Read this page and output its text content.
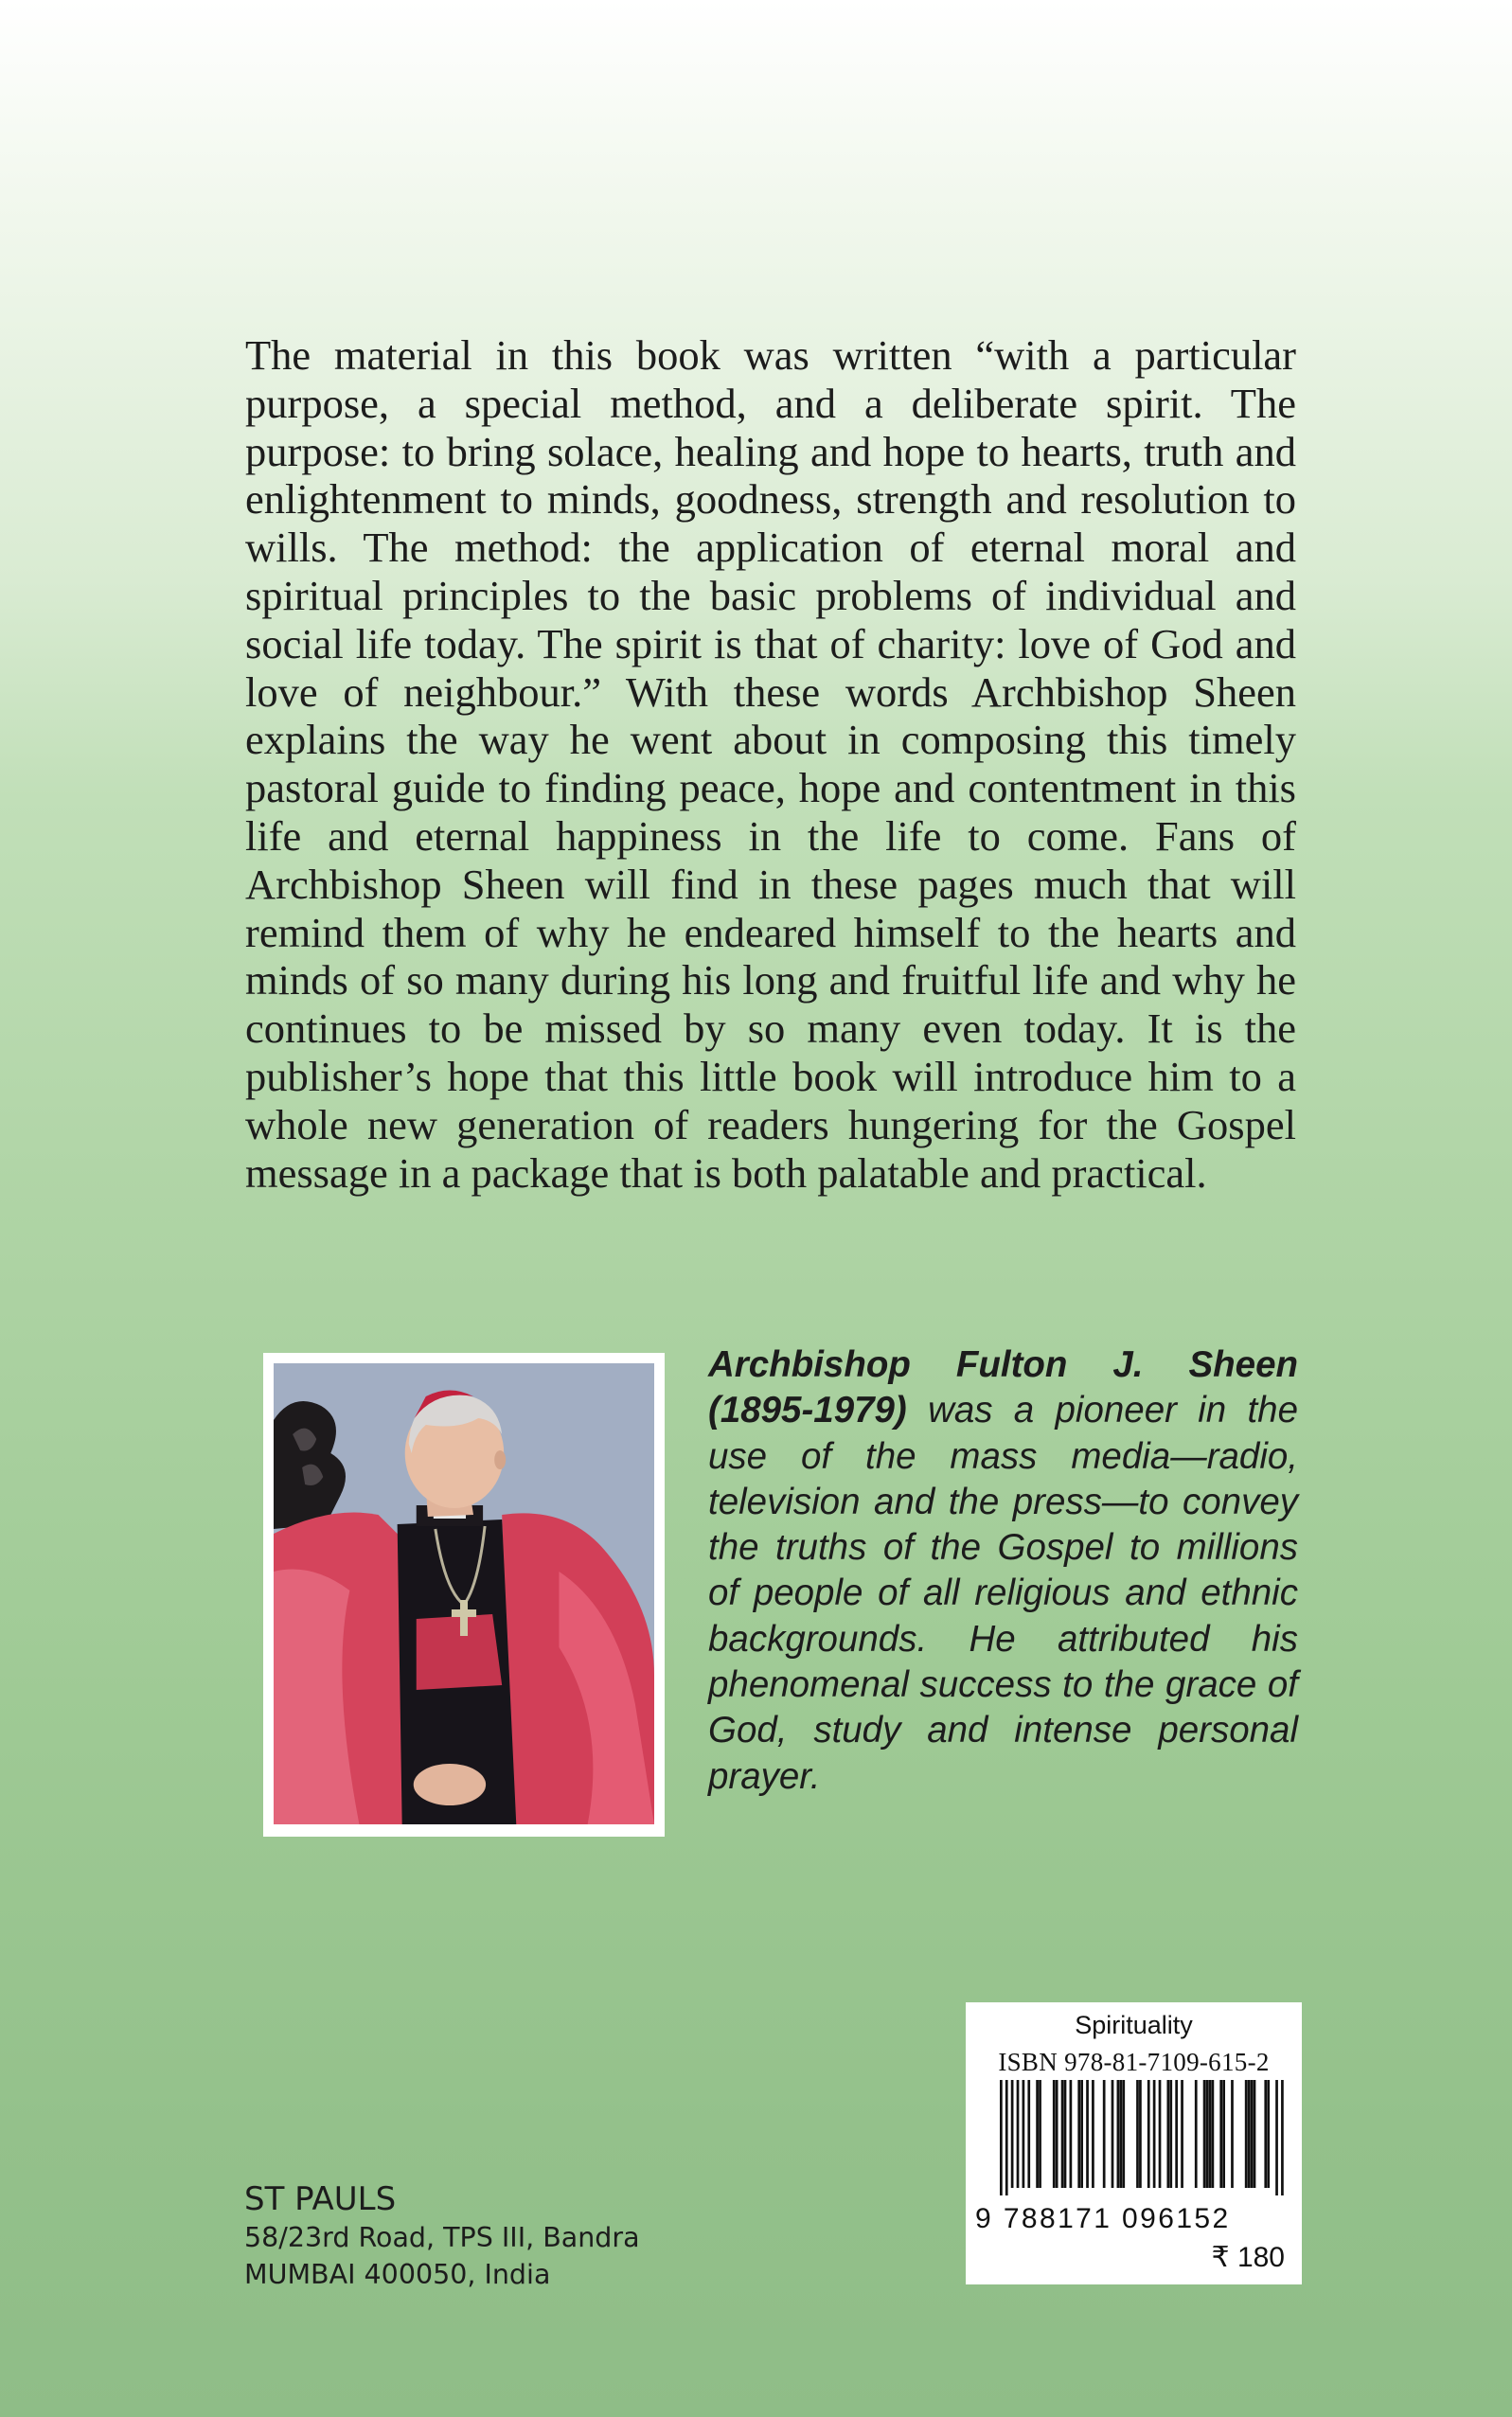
The material in this book was written “with a particular purpose, a special method, and a deliberate spirit. The purpose: to bring solace, healing and hope to hearts, truth and enlightenment to minds, goodness, strength and resolution to wills. The method: the application of eternal moral and spiritual principles to the basic problems of individual and social life today. The spirit is that of charity: love of God and love of neighbour.” With these words Archbishop Sheen explains the way he went about in composing this timely pastoral guide to finding peace, hope and contentment in this life and eternal happiness in the life to come. Fans of Archbishop Sheen will find in these pages much that will remind them of why he endeared himself to the hearts and minds of so many during his long and fruitful life and why he continues to be missed by so many even today. It is the publisher’s hope that this little book will introduce him to a whole new generation of readers hungering for the Gospel message in a package that is both palatable and practical.
Archbishop Fulton J. Sheen (1895-1979) was a pioneer in the use of the mass media—radio, television and the press—to convey the truths of the Gospel to millions of people of all religious and ethnic backgrounds. He attributed his phenomenal success to the grace of God, study and intense personal prayer.
ST PAULS
58/23rd Road, TPS III, Bandra
MUMBAI 400050, India
Spirituality
ISBN 978-81-7109-615-2
9 788171 096152
₹ 180
